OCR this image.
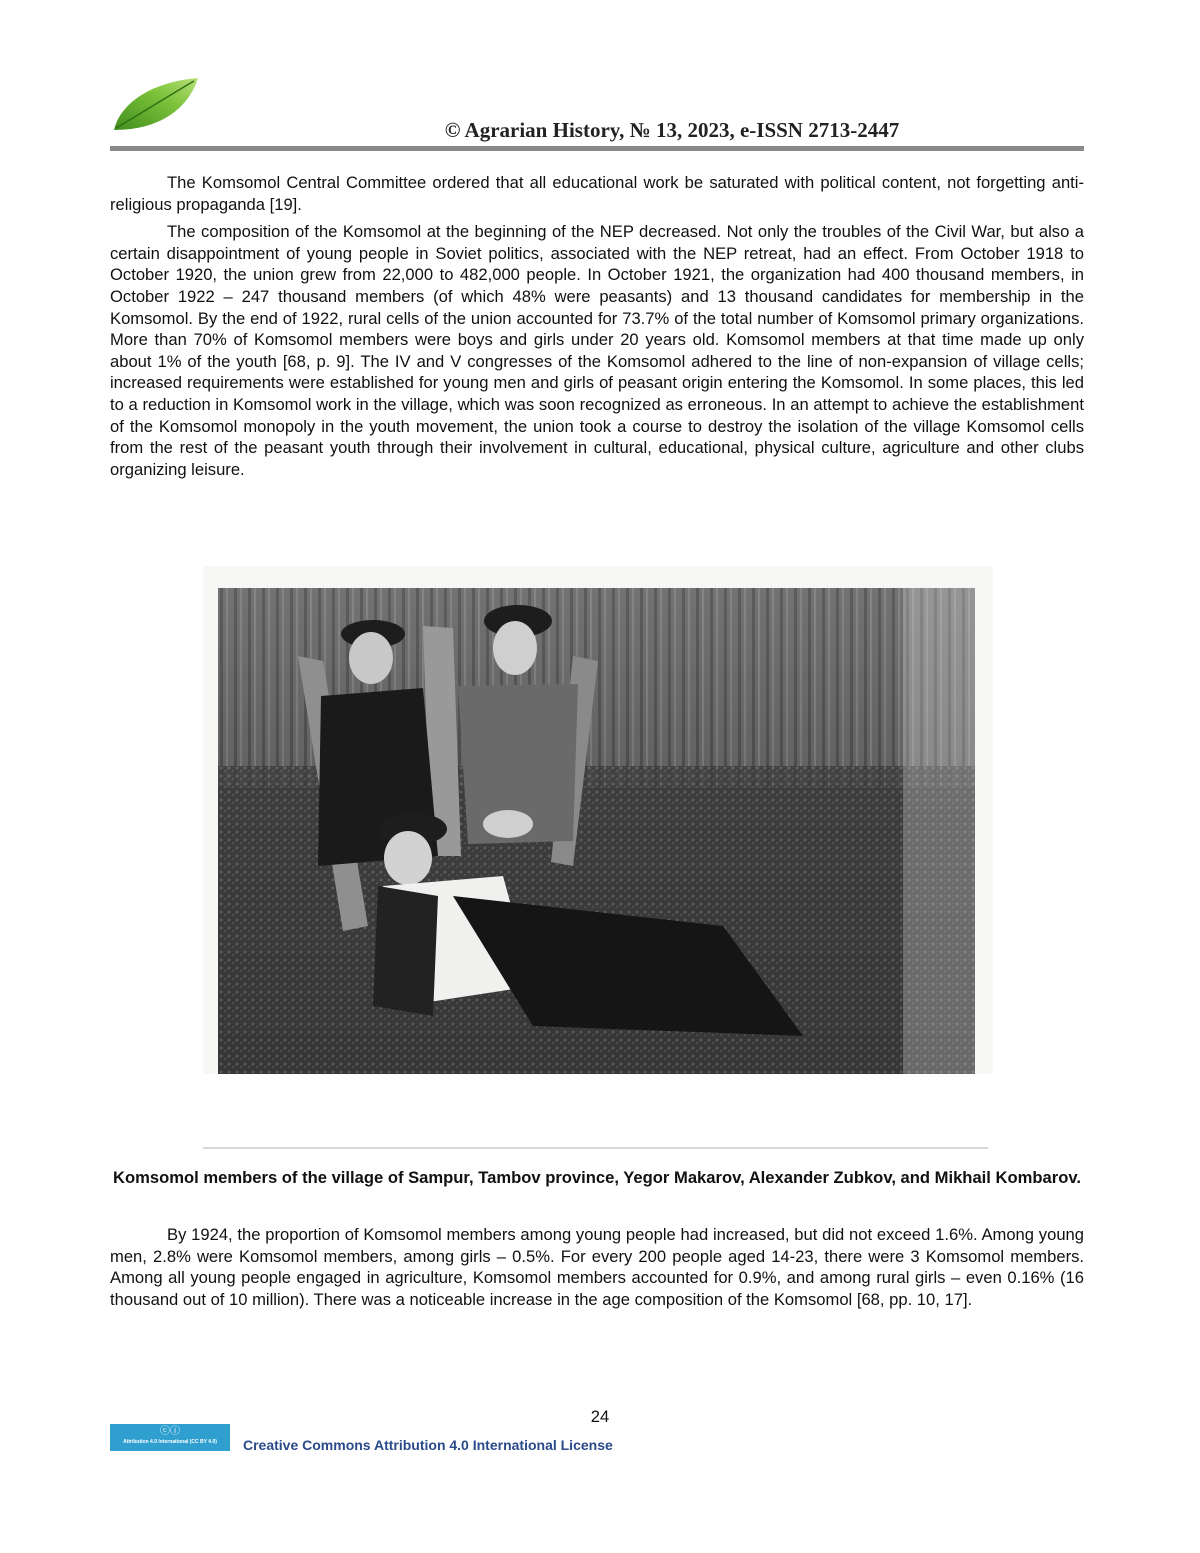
© Agrarian History, № 13, 2023, e-ISSN 2713-2447

The Komsomol Central Committee ordered that all educational work be saturated with political content, not forgetting anti-religious propaganda [19].

The composition of the Komsomol at the beginning of the NEP decreased. Not only the troubles of the Civil War, but also a certain disappointment of young people in Soviet politics, associated with the NEP retreat, had an effect. From October 1918 to October 1920, the union grew from 22,000 to 482,000 people. In October 1921, the organization had 400 thousand members, in October 1922 – 247 thousand members (of which 48% were peasants) and 13 thousand candidates for membership in the Komsomol. By the end of 1922, rural cells of the union accounted for 73.7% of the total number of Komsomol primary organizations. More than 70% of Komsomol members were boys and girls under 20 years old. Komsomol members at that time made up only about 1% of the youth [68, p. 9]. The IV and V congresses of the Komsomol adhered to the line of non-expansion of village cells; increased requirements were established for young men and girls of peasant origin entering the Komsomol. In some places, this led to a reduction in Komsomol work in the village, which was soon recognized as erroneous. In an attempt to achieve the establishment of the Komsomol monopoly in the youth movement, the union took a course to destroy the isolation of the village Komsomol cells from the rest of the peasant youth through their involvement in cultural, educational, physical culture, agriculture and other clubs organizing leisure.

Komsomol members of the village of Sampur, Tambov province, Yegor Makarov, Alexander Zubkov, and Mikhail Kombarov.

By 1924, the proportion of Komsomol members among young people had increased, but did not exceed 1.6%. Among young men, 2.8% were Komsomol members, among girls – 0.5%. For every 200 people aged 14-23, there were 3 Komsomol members. Among all young people engaged in agriculture, Komsomol members accounted for 0.9%, and among rural girls – even 0.16% (16 thousand out of 10 million). There was a noticeable increase in the age composition of the Komsomol [68, pp. 10, 17].

24
ⓒⓘ
Attribution 4.0 International (CC BY 4.0)	Creative Commons Attribution 4.0 International License
